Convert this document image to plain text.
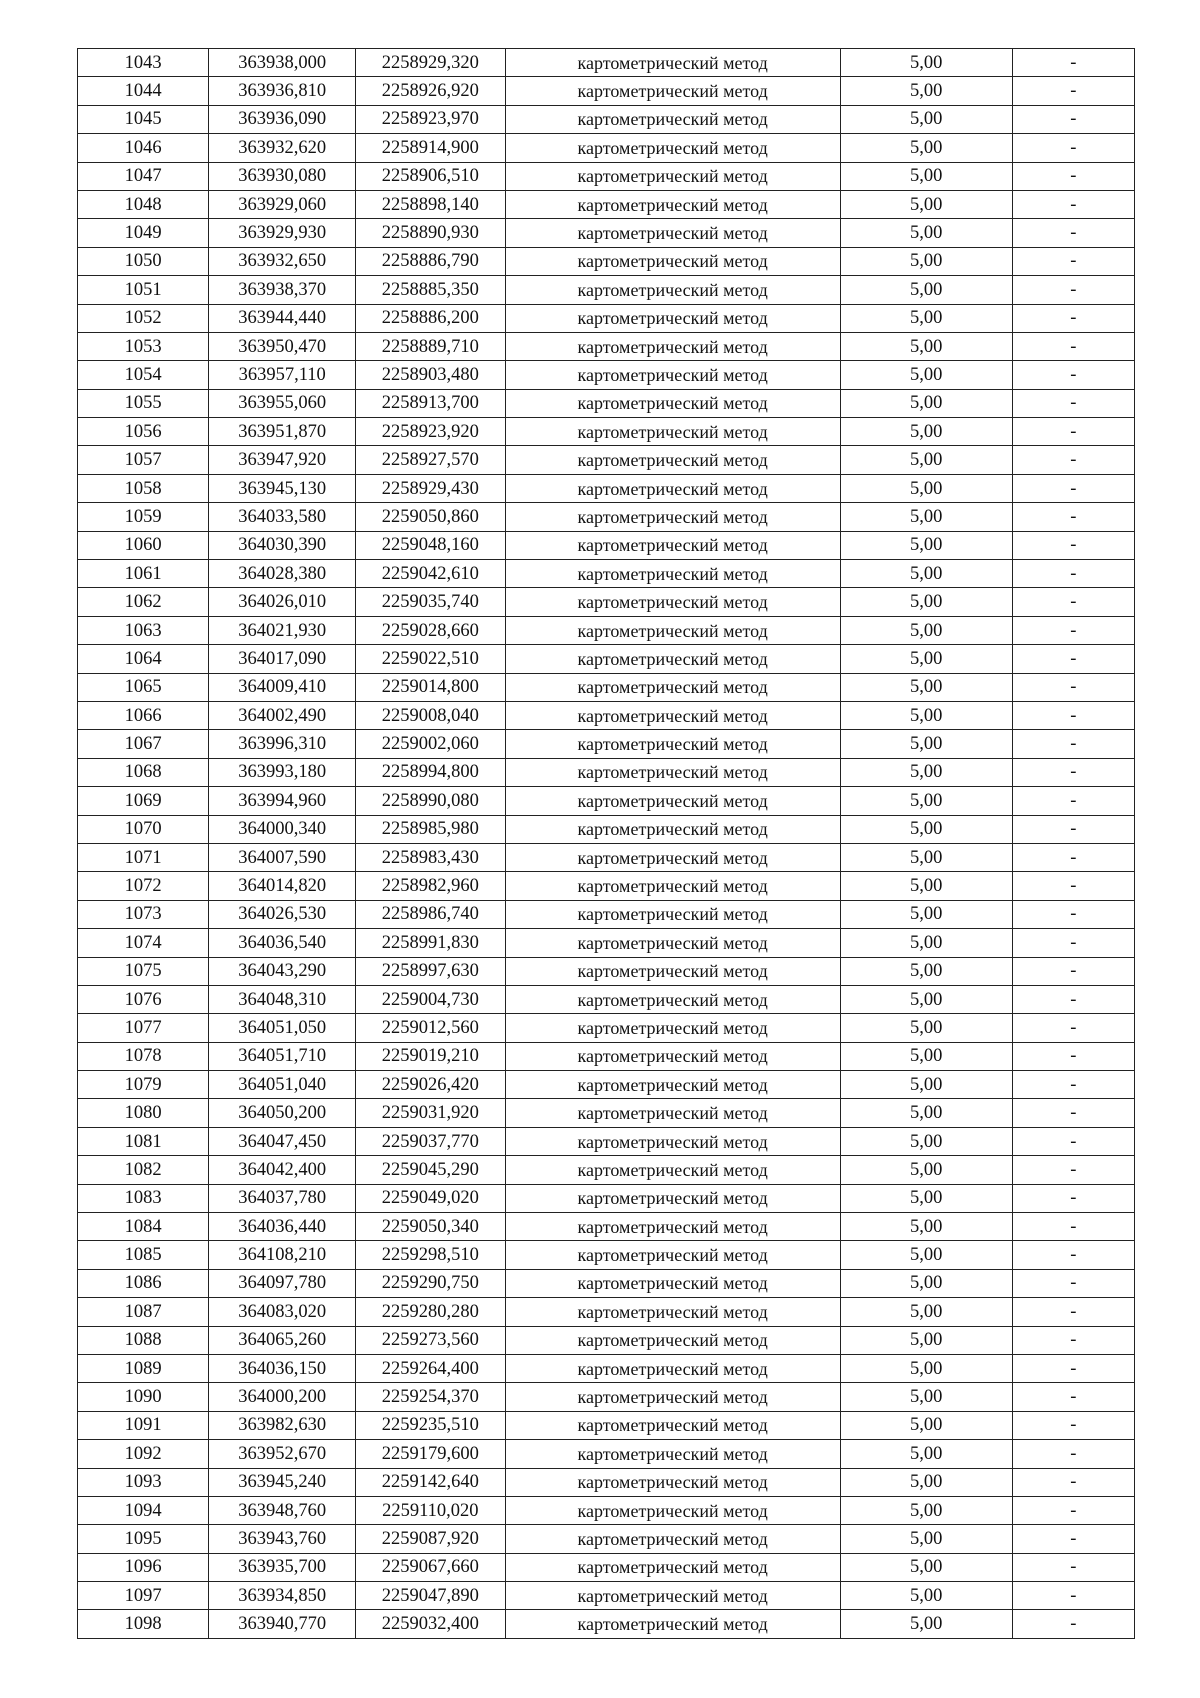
1043	363938,000	2258929,320	картометрический метод	5,00	-
1044	363936,810	2258926,920	картометрический метод	5,00	-
1045	363936,090	2258923,970	картометрический метод	5,00	-
1046	363932,620	2258914,900	картометрический метод	5,00	-
1047	363930,080	2258906,510	картометрический метод	5,00	-
1048	363929,060	2258898,140	картометрический метод	5,00	-
1049	363929,930	2258890,930	картометрический метод	5,00	-
1050	363932,650	2258886,790	картометрический метод	5,00	-
1051	363938,370	2258885,350	картометрический метод	5,00	-
1052	363944,440	2258886,200	картометрический метод	5,00	-
1053	363950,470	2258889,710	картометрический метод	5,00	-
1054	363957,110	2258903,480	картометрический метод	5,00	-
1055	363955,060	2258913,700	картометрический метод	5,00	-
1056	363951,870	2258923,920	картометрический метод	5,00	-
1057	363947,920	2258927,570	картометрический метод	5,00	-
1058	363945,130	2258929,430	картометрический метод	5,00	-
1059	364033,580	2259050,860	картометрический метод	5,00	-
1060	364030,390	2259048,160	картометрический метод	5,00	-
1061	364028,380	2259042,610	картометрический метод	5,00	-
1062	364026,010	2259035,740	картометрический метод	5,00	-
1063	364021,930	2259028,660	картометрический метод	5,00	-
1064	364017,090	2259022,510	картометрический метод	5,00	-
1065	364009,410	2259014,800	картометрический метод	5,00	-
1066	364002,490	2259008,040	картометрический метод	5,00	-
1067	363996,310	2259002,060	картометрический метод	5,00	-
1068	363993,180	2258994,800	картометрический метод	5,00	-
1069	363994,960	2258990,080	картометрический метод	5,00	-
1070	364000,340	2258985,980	картометрический метод	5,00	-
1071	364007,590	2258983,430	картометрический метод	5,00	-
1072	364014,820	2258982,960	картометрический метод	5,00	-
1073	364026,530	2258986,740	картометрический метод	5,00	-
1074	364036,540	2258991,830	картометрический метод	5,00	-
1075	364043,290	2258997,630	картометрический метод	5,00	-
1076	364048,310	2259004,730	картометрический метод	5,00	-
1077	364051,050	2259012,560	картометрический метод	5,00	-
1078	364051,710	2259019,210	картометрический метод	5,00	-
1079	364051,040	2259026,420	картометрический метод	5,00	-
1080	364050,200	2259031,920	картометрический метод	5,00	-
1081	364047,450	2259037,770	картометрический метод	5,00	-
1082	364042,400	2259045,290	картометрический метод	5,00	-
1083	364037,780	2259049,020	картометрический метод	5,00	-
1084	364036,440	2259050,340	картометрический метод	5,00	-
1085	364108,210	2259298,510	картометрический метод	5,00	-
1086	364097,780	2259290,750	картометрический метод	5,00	-
1087	364083,020	2259280,280	картометрический метод	5,00	-
1088	364065,260	2259273,560	картометрический метод	5,00	-
1089	364036,150	2259264,400	картометрический метод	5,00	-
1090	364000,200	2259254,370	картометрический метод	5,00	-
1091	363982,630	2259235,510	картометрический метод	5,00	-
1092	363952,670	2259179,600	картометрический метод	5,00	-
1093	363945,240	2259142,640	картометрический метод	5,00	-
1094	363948,760	2259110,020	картометрический метод	5,00	-
1095	363943,760	2259087,920	картометрический метод	5,00	-
1096	363935,700	2259067,660	картометрический метод	5,00	-
1097	363934,850	2259047,890	картометрический метод	5,00	-
1098	363940,770	2259032,400	картометрический метод	5,00	-
